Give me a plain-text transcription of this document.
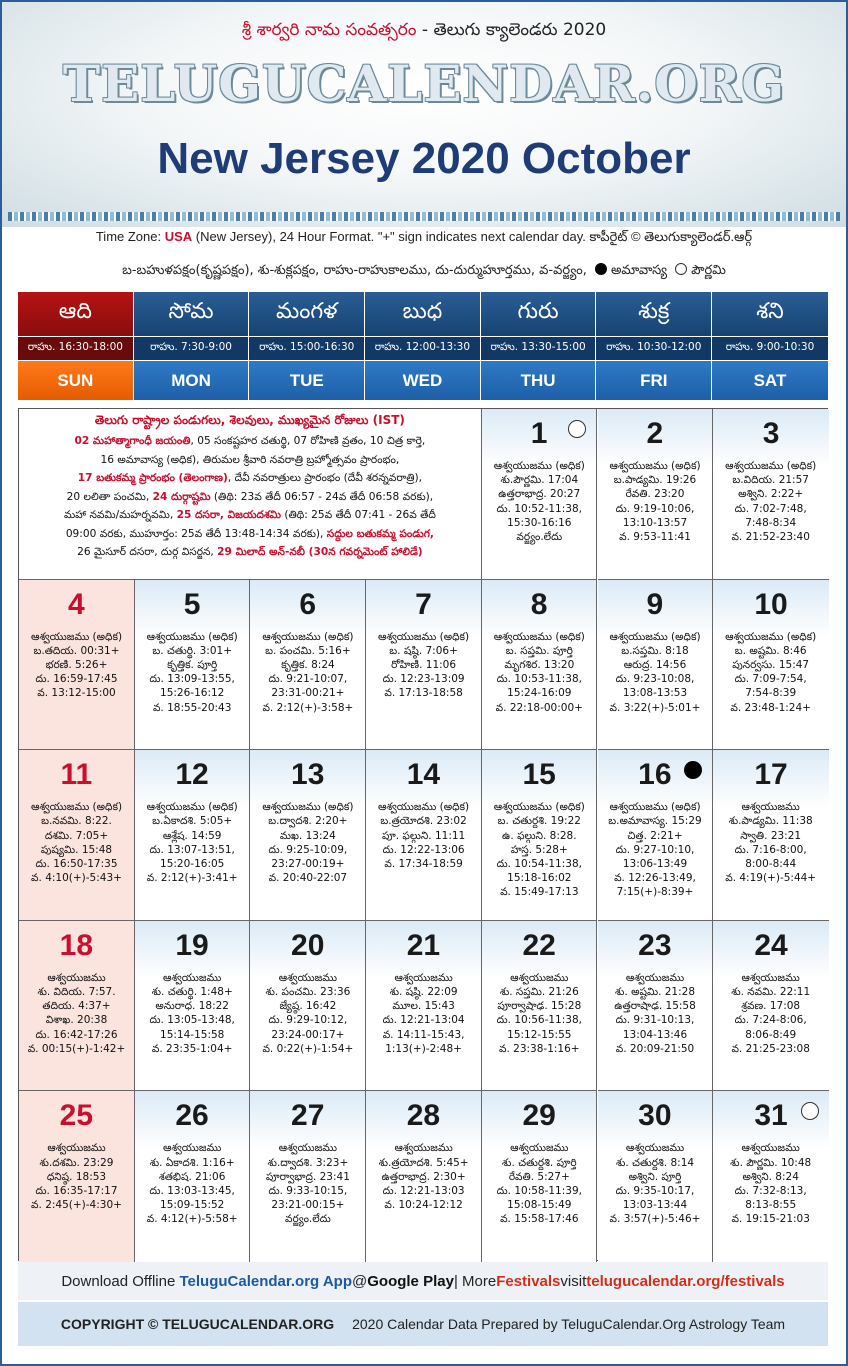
శ్రీ శార్వరి నామ సంవత్సరం - తెలుగు క్యాలెండరు 2020
TELUGUCALENDAR.ORG
New Jersey 2020 October
Time Zone: USA (New Jersey), 24 Hour Format. "+" sign indicates next calendar day. కాపీరైట్ © తెలుగుక్యాలెండర్.ఆర్గ్
బ-బహుళపక్షం(కృష్ణపక్షం), శు-శుక్లపక్షం, రాహు-రాహుకాలము, దు-దుర్ముహూర్తము, వ-వర్జ్యం, అమావాస్య పౌర్ణమి
ఆది
రాహు. 16:30-18:00
SUN
సోమ
రాహు. 7:30-9:00
MON
మంగళ
రాహు. 15:00-16:30
TUE
బుధ
రాహు. 12:00-13:30
WED
గురు
రాహు. 13:30-15:00
THU
శుక్ర
రాహు. 10:30-12:00
FRI
శని
రాహు. 9:00-10:30
SAT
తెలుగు రాష్ట్రాల పండుగలు, శెలవులు, ముఖ్యమైన రోజులు (IST)
02 మహాత్మాగాంధీ జయంతి, 05 సంకష్టహర చతుర్థి, 07 రోహిణి వ్రతం, 10 చిత్ర కార్తె,
16 అమావాస్య (అధిక), తిరుమల శ్రీవారి నవరాత్రి బ్రహ్మోత్సవం ప్రారంభం,
17 బతుకమ్మ ప్రారంభం (తెలంగాణ), దేవీ నవరాత్రులు ప్రారంభం (దేవీ శరన్నవరాత్రి),
20 లలితా పంచమి, 24 దుర్గాష్టమి (తిథి: 23వ తేదీ 06:57 - 24వ తేదీ 06:58 వరకు),
మహా నవమి/మహర్నవమి, 25 దసరా, విజయదశమి (తిథి: 25వ తేదీ 07:41 - 26వ తేదీ
09:00 వరకు, ముహూర్తం: 25వ తేదీ 13:48-14:34 వరకు), సద్దుల బతుకమ్మ పండుగ,
26 మైసూర్ దసరా, దుర్గ విసర్జన, 29 మిలాద్ అన్-నబీ (30న గవర్నమెంట్ హాలిడే)
1
ఆశ్వయుజము (అధిక)
శు.పౌర్ణమి. 17:04
ఉత్తరాభాద్ర. 20:27
దు. 10:52-11:38,
15:30-16:16
వర్జ్యం.లేదు
2
ఆశ్వయుజము (అధిక)
బ.పాడ్యమి. 19:26
రేవతి. 23:20
దు. 9:19-10:06,
13:10-13:57
వ. 9:53-11:41
3
ఆశ్వయుజము (అధిక)
బ.విదియ. 21:57
అశ్విని. 2:22+
దు. 7:02-7:48,
7:48-8:34
వ. 21:52-23:40
4
ఆశ్వయుజము (అధిక)
బ.తదియ. 00:31+
భరణి. 5:26+
దు. 16:59-17:45
వ. 13:12-15:00
5
ఆశ్వయుజము (అధిక)
బ. చతుర్థి. 3:01+
కృత్తిక. పూర్తి
దు. 13:09-13:55,
15:26-16:12
వ. 18:55-20:43
6
ఆశ్వయుజము (అధిక)
బ. పంచమి. 5:16+
కృత్తిక. 8:24
దు. 9:21-10:07,
23:31-00:21+
వ. 2:12(+)-3:58+
7
ఆశ్వయుజము (అధిక)
బ. షష్ఠి. 7:06+
రోహిణి. 11:06
దు. 12:23-13:09
వ. 17:13-18:58
8
ఆశ్వయుజము (అధిక)
బ. సప్తమి. పూర్తి
మృగశిర. 13:20
దు. 10:53-11:38,
15:24-16:09
వ. 22:18-00:00+
9
ఆశ్వయుజము (అధిక)
బ.సప్తమి. 8:18
ఆరుద్ర. 14:56
దు. 9:23-10:08,
13:08-13:53
వ. 3:22(+)-5:01+
10
ఆశ్వయుజము (అధిక)
బ. అష్టమి. 8:46
పునర్వసు. 15:47
దు. 7:09-7:54,
7:54-8:39
వ. 23:48-1:24+
11
ఆశ్వయుజము (అధిక)
బ.నవమి. 8:22.
దశమి. 7:05+
పుష్యమి. 15:48
దు. 16:50-17:35
వ. 4:10(+)-5:43+
12
ఆశ్వయుజము (అధిక)
బ.ఏకాదశి. 5:05+
ఆశ్లేష. 14:59
దు. 13:07-13:51,
15:20-16:05
వ. 2:12(+)-3:41+
13
ఆశ్వయుజము (అధిక)
బ.ద్వాదశి. 2:20+
మఖ. 13:24
దు. 9:25-10:09,
23:27-00:19+
వ. 20:40-22:07
14
ఆశ్వయుజము (అధిక)
బ.త్రయోదశి. 23:02
పూ. ఫల్గుని. 11:11
దు. 12:22-13:06
వ. 17:34-18:59
15
ఆశ్వయుజము (అధిక)
బ. చతుర్దశి. 19:22
ఉ. ఫల్గుని. 8:28.
హస్త. 5:28+
దు. 10:54-11:38,
15:18-16:02
వ. 15:49-17:13
16
ఆశ్వయుజము (అధిక)
బ.అమావాస్య. 15:29
చిత్త. 2:21+
దు. 9:27-10:10,
13:06-13:49
వ. 12:26-13:49,
7:15(+)-8:39+
17
ఆశ్వయుజము
శు.పాడ్యమి. 11:38
స్వాతి. 23:21
దు. 7:16-8:00,
8:00-8:44
వ. 4:19(+)-5:44+
18
ఆశ్వయుజము
శు. విదియ. 7:57.
తదియ. 4:37+
విశాఖ. 20:38
దు. 16:42-17:26
వ. 00:15(+)-1:42+
19
ఆశ్వయుజము
శు. చతుర్థి. 1:48+
అనురాధ. 18:22
దు. 13:05-13:48,
15:14-15:58
వ. 23:35-1:04+
20
ఆశ్వయుజము
శు. పంచమి. 23:36
జ్యేష్ఠ. 16:42
దు. 9:29-10:12,
23:24-00:17+
వ. 0:22(+)-1:54+
21
ఆశ్వయుజము
శు. షష్ఠి. 22:09
మూల. 15:43
దు. 12:21-13:04
వ. 14:11-15:43,
1:13(+)-2:48+
22
ఆశ్వయుజము
శు. సప్తమి. 21:26
పూర్వాషాఢ. 15:28
దు. 10:56-11:38,
15:12-15:55
వ. 23:38-1:16+
23
ఆశ్వయుజము
శు. అష్టమి. 21:28
ఉత్తరాషాఢ. 15:58
దు. 9:31-10:13,
13:04-13:46
వ. 20:09-21:50
24
ఆశ్వయుజము
శు. నవమి. 22:11
శ్రవణ. 17:08
దు. 7:24-8:06,
8:06-8:49
వ. 21:25-23:08
25
ఆశ్వయుజము
శు.దశమి. 23:29
ధనిష్ఠ. 18:53
దు. 16:35-17:17
వ. 2:45(+)-4:30+
26
ఆశ్వయుజము
శు. ఏకాదశి. 1:16+
శతభిష. 21:06
దు. 13:03-13:45,
15:09-15:52
వ. 4:12(+)-5:58+
27
ఆశ్వయుజము
శు.ద్వాదశి. 3:23+
పూర్వాభాద్ర. 23:41
దు. 9:33-10:15,
23:21-00:15+
వర్జ్యం.లేదు
28
ఆశ్వయుజము
శు.త్రయోదశి. 5:45+
ఉత్తరాభాద్ర. 2:30+
దు. 12:21-13:03
వ. 10:24-12:12
29
ఆశ్వయుజము
శు. చతుర్దశి. పూర్తి
రేవతి. 5:27+
దు. 10:58-11:39,
15:08-15:49
వ. 15:58-17:46
30
ఆశ్వయుజము
శు. చతుర్దశి. 8:14
అశ్విని. పూర్తి
దు. 9:35-10:17,
13:03-13:44
వ. 3:57(+)-5:46+
31
ఆశ్వయుజము
శు. పౌర్ణమి. 10:48
అశ్విని. 8:24
దు. 7:32-8:13,
8:13-8:55
వ. 19:15-21:03
Download Offline
TeluguCalendar.org App @ Google Play | More Festivals visit telugucalendar.org/festivals
COPYRIGHT © TELUGUCALENDAR.ORG 2020 Calendar Data Prepared by TeluguCalendar.Org Astrology Team
